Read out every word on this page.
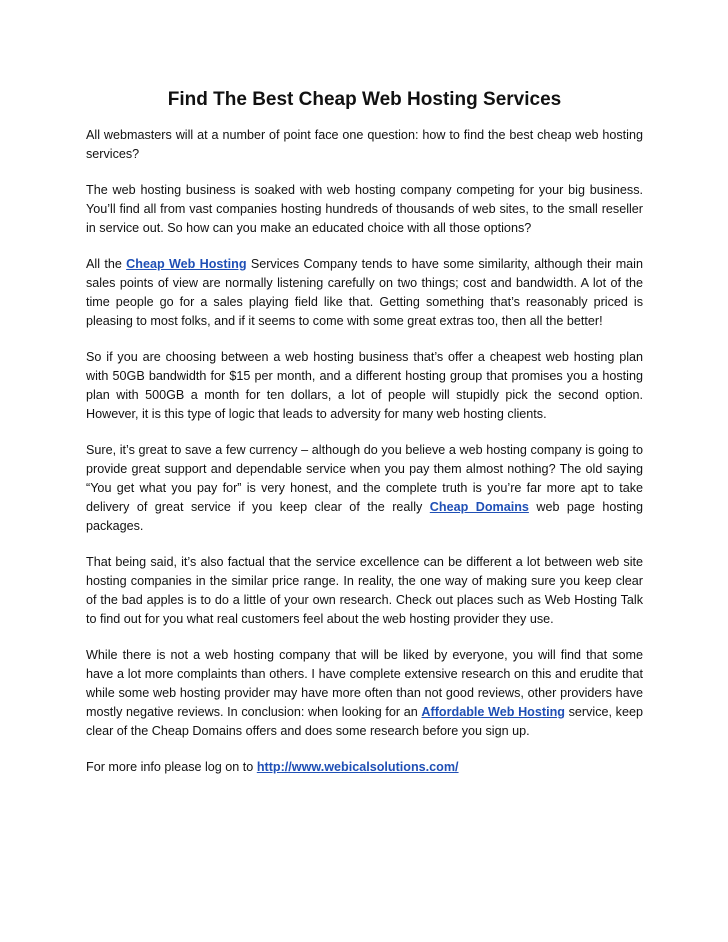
Find The Best Cheap Web Hosting Services

All webmasters will at a number of point face one question: how to find the best cheap web hosting services?

The web hosting business is soaked with web hosting company competing for your big business. You’ll find all from vast companies hosting hundreds of thousands of web sites, to the small reseller in service out. So how can you make an educated choice with all those options?

All the Cheap Web Hosting Services Company tends to have some similarity, although their main sales points of view are normally listening carefully on two things; cost and bandwidth. A lot of the time people go for a sales playing field like that. Getting something that’s reasonably priced is pleasing to most folks, and if it seems to come with some great extras too, then all the better!

So if you are choosing between a web hosting business that’s offer a cheapest web hosting plan with 50GB bandwidth for $15 per month, and a different hosting group that promises you a hosting plan with 500GB a month for ten dollars, a lot of people will stupidly pick the second option. However, it is this type of logic that leads to adversity for many web hosting clients.

Sure, it’s great to save a few currency – although do you believe a web hosting company is going to provide great support and dependable service when you pay them almost nothing? The old saying “You get what you pay for” is very honest, and the complete truth is you’re far more apt to take delivery of great service if you keep clear of the really Cheap Domains web page hosting packages.

That being said, it’s also factual that the service excellence can be different a lot between web site hosting companies in the similar price range. In reality, the one way of making sure you keep clear of the bad apples is to do a little of your own research. Check out places such as Web Hosting Talk to find out for you what real customers feel about the web hosting provider they use.

While there is not a web hosting company that will be liked by everyone, you will find that some have a lot more complaints than others. I have complete extensive research on this and erudite that while some web hosting provider may have more often than not good reviews, other providers have mostly negative reviews. In conclusion: when looking for an Affordable Web Hosting service, keep clear of the Cheap Domains offers and does some research before you sign up.

For more info please log on to http://www.webicalsolutions.com/
